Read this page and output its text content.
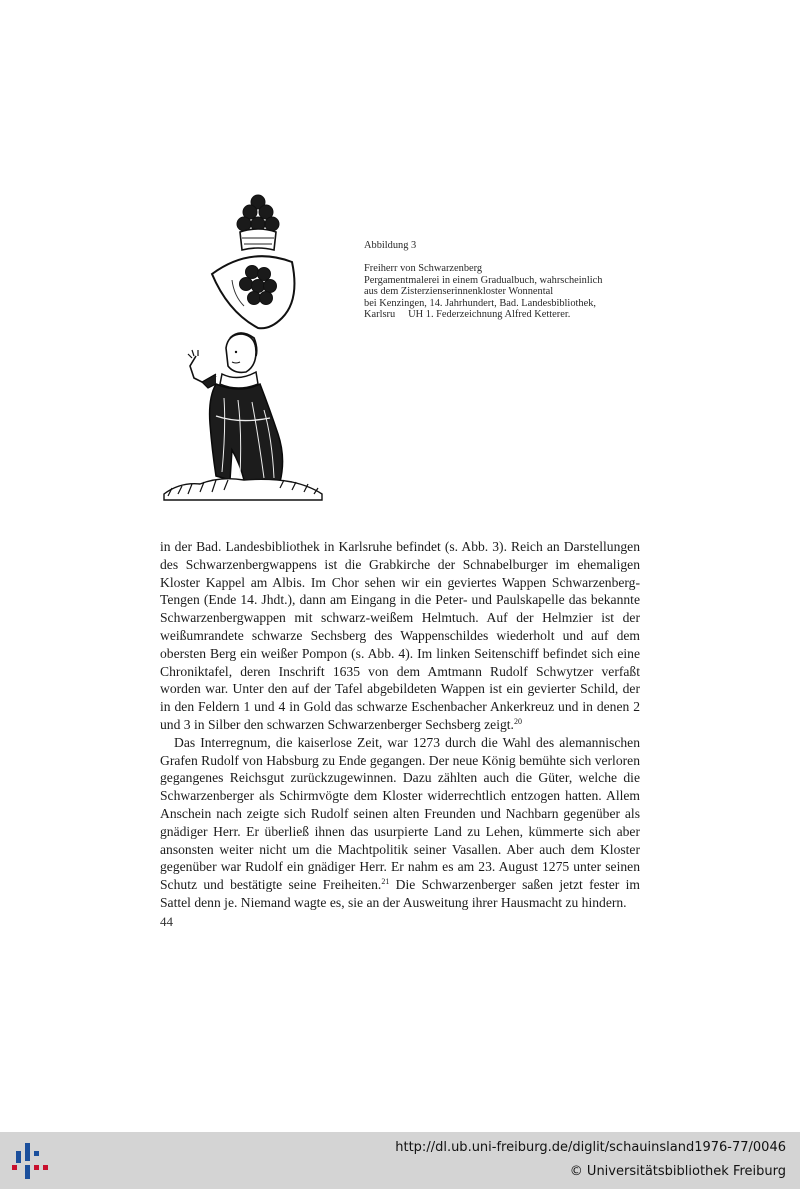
Abbildung 3
Freiherr von Schwarzenberg
Pergamentmalerei in einem Gradualbuch, wahrscheinlich
aus dem Zisterzienserinnenkloster Wonnental
bei Kenzingen, 14. Jahrhundert, Bad. Landesbibliothek,
Karlsru     UH 1. Federzeichnung Alfred Ketterer.

in der Bad. Landesbibliothek in Karlsruhe befindet (s. Abb. 3). Reich an Darstellungen des Schwarzenbergwappens ist die Grabkirche der Schnabelburger im ehemaligen Kloster Kappel am Albis. Im Chor sehen wir ein geviertes Wappen Schwarzenberg-Tengen (Ende 14. Jhdt.), dann am Eingang in die Peter- und Paulskapelle das bekannte Schwarzenbergwappen mit schwarz-weißem Helmtuch. Auf der Helmzier ist der weißumrandete schwarze Sechsberg des Wappenschildes wiederholt und auf dem obersten Berg ein weißer Pompon (s. Abb. 4). Im linken Seitenschiff befindet sich eine Chroniktafel, deren Inschrift 1635 von dem Amtmann Rudolf Schwytzer verfaßt worden war. Unter den auf der Tafel abgebildeten Wappen ist ein gevierter Schild, der in den Feldern 1 und 4 in Gold das schwarze Eschenbacher Ankerkreuz und in denen 2 und 3 in Silber den schwarzen Schwarzenberger Sechsberg zeigt.$^{20}$

Das Interregnum, die kaiserlose Zeit, war 1273 durch die Wahl des alemannischen Grafen Rudolf von Habsburg zu Ende gegangen. Der neue König bemühte sich verloren gegangenes Reichsgut zurückzugewinnen. Dazu zählten auch die Güter, welche die Schwarzenberger als Schirmvögte dem Kloster widerrechtlich entzogen hatten. Allem Anschein nach zeigte sich Rudolf seinen alten Freunden und Nachbarn gegenüber als gnädiger Herr. Er überließ ihnen das usurpierte Land zu Lehen, kümmerte sich aber ansonsten weiter nicht um die Machtpolitik seiner Vasallen. Aber auch dem Kloster gegenüber war Rudolf ein gnädiger Herr. Er nahm es am 23. August 1275 unter seinen Schutz und bestätigte seine Freiheiten.$^{21}$ Die Schwarzenberger saßen jetzt fester im Sattel denn je. Niemand wagte es, sie an der Ausweitung ihrer Hausmacht zu hindern.

44
http://dl.ub.uni-freiburg.de/diglit/schauinsland1976-77/0046
© Universitätsbibliothek Freiburg
